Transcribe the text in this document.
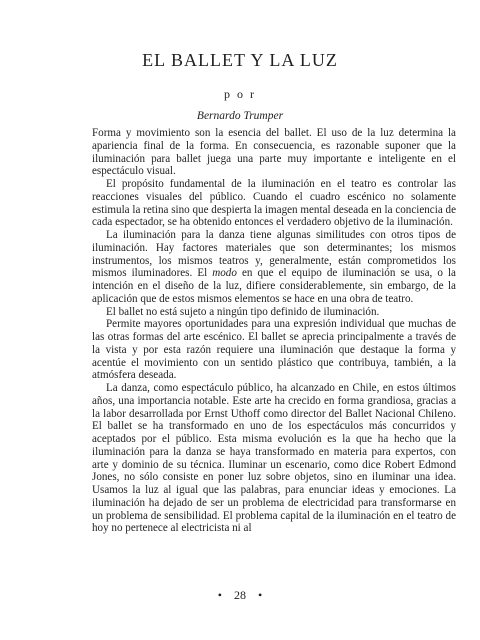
EL BALLET Y LA LUZ
p o r
Bernardo Trumper

Forma y movimiento son la esencia del ballet. El uso de la luz determina la apariencia final de la forma. En consecuencia, es razonable suponer que la iluminación para ballet juega una parte muy importante e inteligente en el espectáculo visual.

El propósito fundamental de la iluminación en el teatro es controlar las reacciones visuales del público. Cuando el cuadro escénico no solamente estimula la retina sino que despierta la imagen mental deseada en la conciencia de cada espectador, se ha obtenido entonces el verdadero objetivo de la iluminación.

La iluminación para la danza tiene algunas similitudes con otros tipos de iluminación. Hay factores materiales que son determinantes; los mismos instrumentos, los mismos teatros y, generalmente, están comprometidos los mismos iluminadores. El modo en que el equipo de iluminación se usa, o la intención en el diseño de la luz, difiere considerablemente, sin embargo, de la aplicación que de estos mismos elementos se hace en una obra de teatro.

El ballet no está sujeto a ningún tipo definido de iluminación.

Permite mayores oportunidades para una expresión individual que muchas de las otras formas del arte escénico. El ballet se aprecia principalmente a través de la vista y por esta razón requiere una iluminación que destaque la forma y acentúe el movimiento con un sentido plástico que contribuya, también, a la atmósfera deseada.

La danza, como espectáculo público, ha alcanzado en Chile, en estos últimos años, una importancia notable. Este arte ha crecido en forma grandiosa, gracias a la labor desarrollada por Ernst Uthoff como director del Ballet Nacional Chileno. El ballet se ha transformado en uno de los espectáculos más concurridos y aceptados por el público. Esta misma evolución es la que ha hecho que la iluminación para la danza se haya transformado en materia para expertos, con arte y dominio de su técnica. Iluminar un escenario, como dice Robert Edmond Jones, no sólo consiste en poner luz sobre objetos, sino en iluminar una idea. Usamos la luz al igual que las palabras, para enunciar ideas y emociones. La iluminación ha dejado de ser un problema de electricidad para transformarse en un problema de sensibilidad. El problema capital de la iluminación en el teatro de hoy no pertenece al electricista ni al

• 28 •
